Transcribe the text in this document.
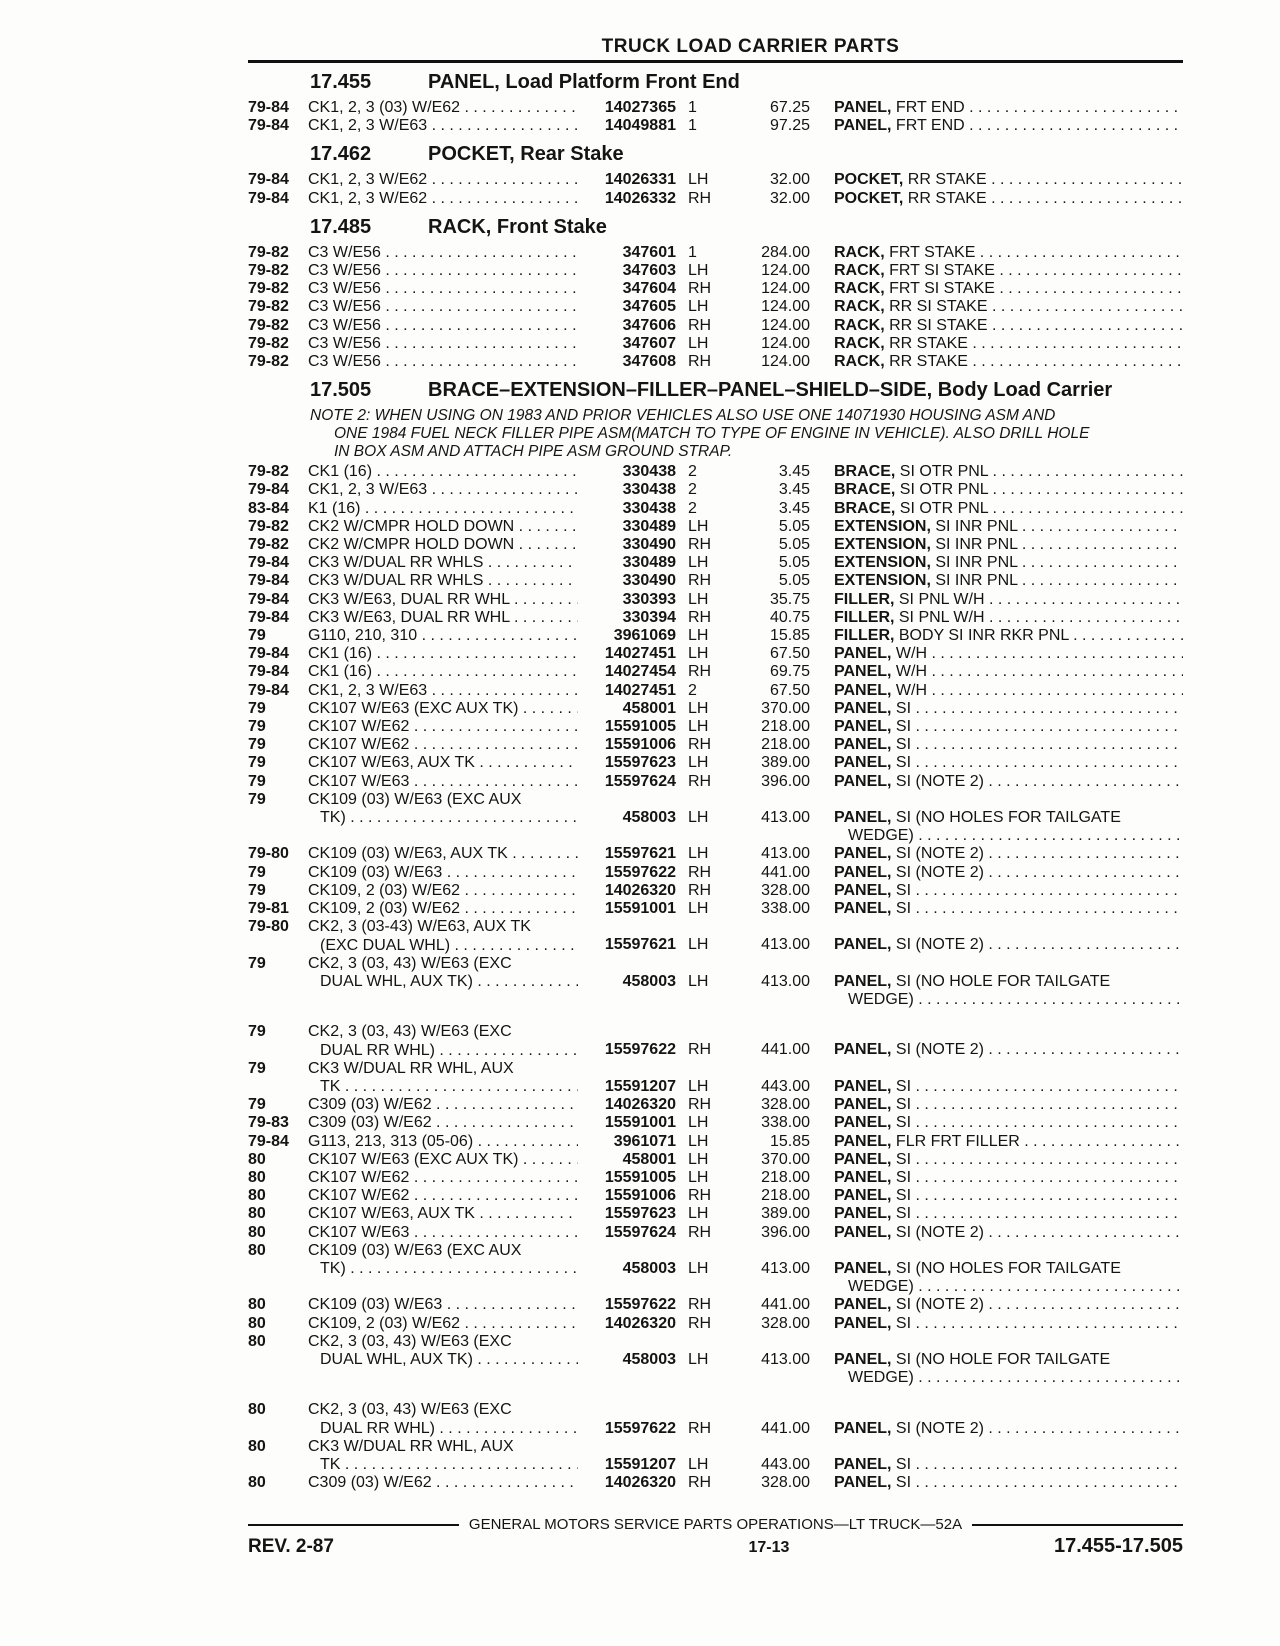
TRUCK LOAD CARRIER PARTS
17.455	PANEL, Load Platform Front End
79-84	CK1, 2, 3 (03) W/E62 . . .	14027365 1	67.25 PANEL, FRT END . . .
79-84	CK1, 2, 3 W/E63 . . .	14049881 1	97.25 PANEL, FRT END . . .
17.462	POCKET, Rear Stake
79-84	CK1, 2, 3 W/E62 . . .	14026331 LH	32.00 POCKET, RR STAKE . . .
79-84	CK1, 2, 3 W/E62 . . .	14026332 RH	32.00 POCKET, RR STAKE . . .
17.485	RACK, Front Stake
79-82	C3 W/E56 . . .	347601 1	284.00 RACK, FRT STAKE . . .
79-82	C3 W/E56 . . .	347603 LH	124.00 RACK, FRT SI STAKE . . .
79-82	C3 W/E56 . . .	347604 RH	124.00 RACK, FRT SI STAKE . . .
79-82	C3 W/E56 . . .	347605 LH	124.00 RACK, RR SI STAKE . . .
79-82	C3 W/E56 . . .	347606 RH	124.00 RACK, RR SI STAKE . . .
79-82	C3 W/E56 . . .	347607 LH	124.00 RACK, RR STAKE . . .
79-82	C3 W/E56 . . .	347608 RH	124.00 RACK, RR STAKE . . .
17.505	BRACE–EXTENSION–FILLER–PANEL–SHIELD–SIDE, Body Load Carrier
NOTE 2: WHEN USING ON 1983 AND PRIOR VEHICLES ALSO USE ONE 14071930 HOUSING ASM AND
ONE 1984 FUEL NECK FILLER PIPE ASM(MATCH TO TYPE OF ENGINE IN VEHICLE). ALSO DRILL HOLE
IN BOX ASM AND ATTACH PIPE ASM GROUND STRAP.
79-82	CK1 (16) . . .	330438 2	3.45 BRACE, SI OTR PNL . . .
79-84	CK1, 2, 3 W/E63 . . .	330438 2	3.45 BRACE, SI OTR PNL . . .
83-84	K1 (16) . . .	330438 2	3.45 BRACE, SI OTR PNL . . .
79-82	CK2 W/CMPR HOLD DOWN . . .	330489 LH	5.05 EXTENSION, SI INR PNL . . .
79-82	CK2 W/CMPR HOLD DOWN . . .	330490 RH	5.05 EXTENSION, SI INR PNL . . .
79-84	CK3 W/DUAL RR WHLS . . .	330489 LH	5.05 EXTENSION, SI INR PNL . . .
79-84	CK3 W/DUAL RR WHLS . . .	330490 RH	5.05 EXTENSION, SI INR PNL . . .
79-84	CK3 W/E63, DUAL RR WHL . . .	330393 LH	35.75 FILLER, SI PNL W/H . . .
79-84	CK3 W/E63, DUAL RR WHL . . .	330394 RH	40.75 FILLER, SI PNL W/H . . .
79	G110, 210, 310 . . .	3961069 LH	15.85 FILLER, BODY SI INR RKR PNL . . .
79-84	CK1 (16) . . .	14027451 LH	67.50 PANEL, W/H . . .
79-84	CK1 (16) . . .	14027454 RH	69.75 PANEL, W/H . . .
79-84	CK1, 2, 3 W/E63 . . .	14027451 2	67.50 PANEL, W/H . . .
79	CK107 W/E63 (EXC AUX TK) . . .	458001 LH	370.00 PANEL, SI . . .
79	CK107 W/E62 . . .	15591005 LH	218.00 PANEL, SI . . .
79	CK107 W/E62 . . .	15591006 RH	218.00 PANEL, SI . . .
79	CK107 W/E63, AUX TK . . .	15597623 LH	389.00 PANEL, SI . . .
79	CK107 W/E63 . . .	15597624 RH	396.00 PANEL, SI (NOTE 2) . . .
79	CK109 (03) W/E63 (EXC AUX
TK) . . .	458003 LH	413.00 PANEL, SI (NO HOLES FOR TAILGATE
WEDGE) . . .
79-80	CK109 (03) W/E63, AUX TK . . .	15597621 LH	413.00 PANEL, SI (NOTE 2) . . .
79	CK109 (03) W/E63 . . .	15597622 RH	441.00 PANEL, SI (NOTE 2) . . .
79	CK109, 2 (03) W/E62 . . .	14026320 RH	328.00 PANEL, SI . . .
79-81	CK109, 2 (03) W/E62 . . .	15591001 LH	338.00 PANEL, SI . . .
79-80	CK2, 3 (03-43) W/E63, AUX TK
(EXC DUAL WHL) . . .	15597621 LH	413.00 PANEL, SI (NOTE 2) . . .
79	CK2, 3 (03, 43) W/E63 (EXC
DUAL WHL, AUX TK) . . .	458003 LH	413.00 PANEL, SI (NO HOLE FOR TAILGATE
WEDGE) . . .
79	CK2, 3 (03, 43) W/E63 (EXC
DUAL RR WHL) . . .	15597622 RH	441.00 PANEL, SI (NOTE 2) . . .
79	CK3 W/DUAL RR WHL, AUX
TK . . .	15591207 LH	443.00 PANEL, SI . . .
79	C309 (03) W/E62 . . .	14026320 RH	328.00 PANEL, SI . . .
79-83	C309 (03) W/E62 . . .	15591001 LH	338.00 PANEL, SI . . .
79-84	G113, 213, 313 (05-06) . . .	3961071 LH	15.85 PANEL, FLR FRT FILLER . . .
80	CK107 W/E63 (EXC AUX TK) . . .	458001 LH	370.00 PANEL, SI . . .
80	CK107 W/E62 . . .	15591005 LH	218.00 PANEL, SI . . .
80	CK107 W/E62 . . .	15591006 RH	218.00 PANEL, SI . . .
80	CK107 W/E63, AUX TK . . .	15597623 LH	389.00 PANEL, SI . . .
80	CK107 W/E63 . . .	15597624 RH	396.00 PANEL, SI (NOTE 2) . . .
80	CK109 (03) W/E63 (EXC AUX
TK) . . .	458003 LH	413.00 PANEL, SI (NO HOLES FOR TAILGATE
WEDGE) . . .
80	CK109 (03) W/E63 . . .	15597622 RH	441.00 PANEL, SI (NOTE 2) . . .
80	CK109, 2 (03) W/E62 . . .	14026320 RH	328.00 PANEL, SI . . .
80	CK2, 3 (03, 43) W/E63 (EXC
DUAL WHL, AUX TK) . . .	458003 LH	413.00 PANEL, SI (NO HOLE FOR TAILGATE
WEDGE) . . .
80	CK2, 3 (03, 43) W/E63 (EXC
DUAL RR WHL) . . .	15597622 RH	441.00 PANEL, SI (NOTE 2) . . .
80	CK3 W/DUAL RR WHL, AUX
TK . . .	15591207 LH	443.00 PANEL, SI . . .
80	C309 (03) W/E62 . . .	14026320 RH	328.00 PANEL, SI . . .
GENERAL MOTORS SERVICE PARTS OPERATIONS—LT TRUCK—52A
REV. 2-87	17-13	17.455-17.505
